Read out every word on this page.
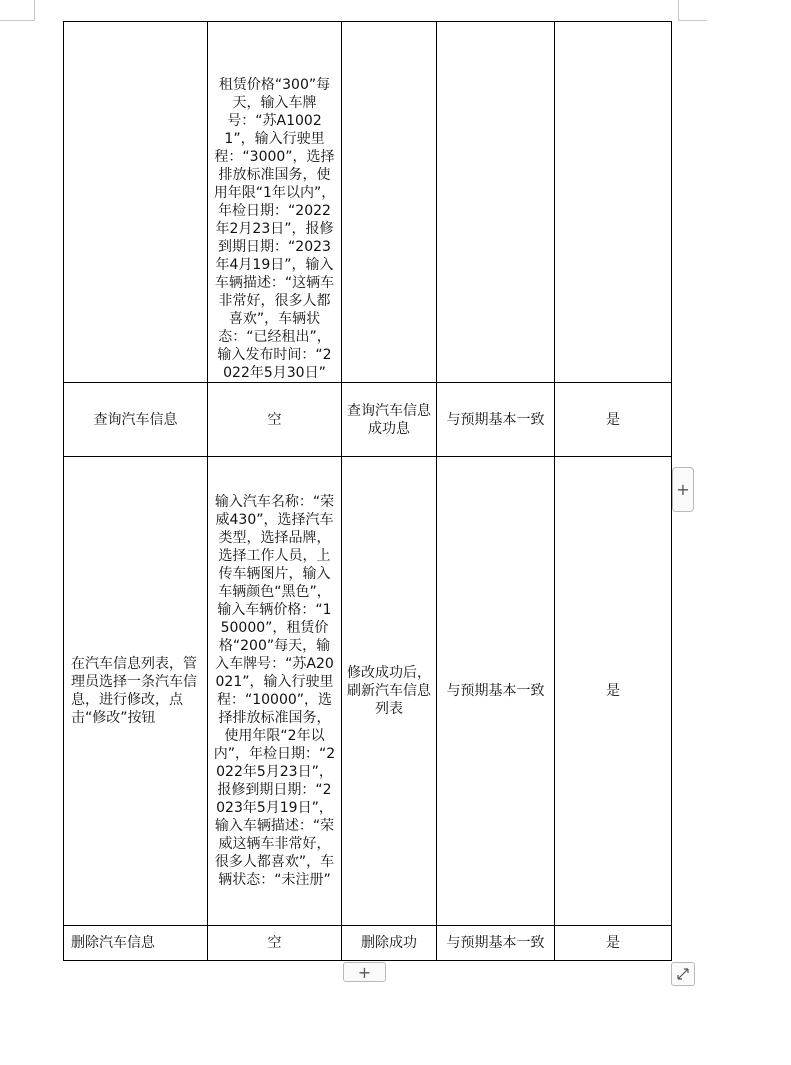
	租赁价格“300”每天，输入车牌号：“苏A10021”，输入行驶里程：“3000”，选择排放标准国务，使用年限“1年以内”，年检日期：“2022年2月23日”，报修到期日期：“2023年4月19日”，输入车辆描述：“这辆车非常好，很多人都喜欢”，车辆状态：“已经租出”，输入发布时间：“2022年5月30日”			
查询汽车信息	空	查询汽车信息成功息	与预期基本一致	是
在汽车信息列表，管理员选择一条汽车信息，进行修改，点击“修改”按钮	输入汽车名称：“荣威430”，选择汽车类型，选择品牌，选择工作人员，上传车辆图片，输入车辆颜色“黑色”，输入车辆价格：“150000”，租赁价格“200”每天，输入车牌号：“苏A20021”，输入行驶里程：“10000”，选择排放标准国务，使用年限“2年以内”，年检日期：“2022年5月23日”，报修到期日期：“2023年5月19日”，输入车辆描述：“荣威这辆车非常好，很多人都喜欢”，车辆状态：“未注册”	修改成功后，刷新汽车信息列表	与预期基本一致	是
删除汽车信息	空	删除成功	与预期基本一致	是
+
+
